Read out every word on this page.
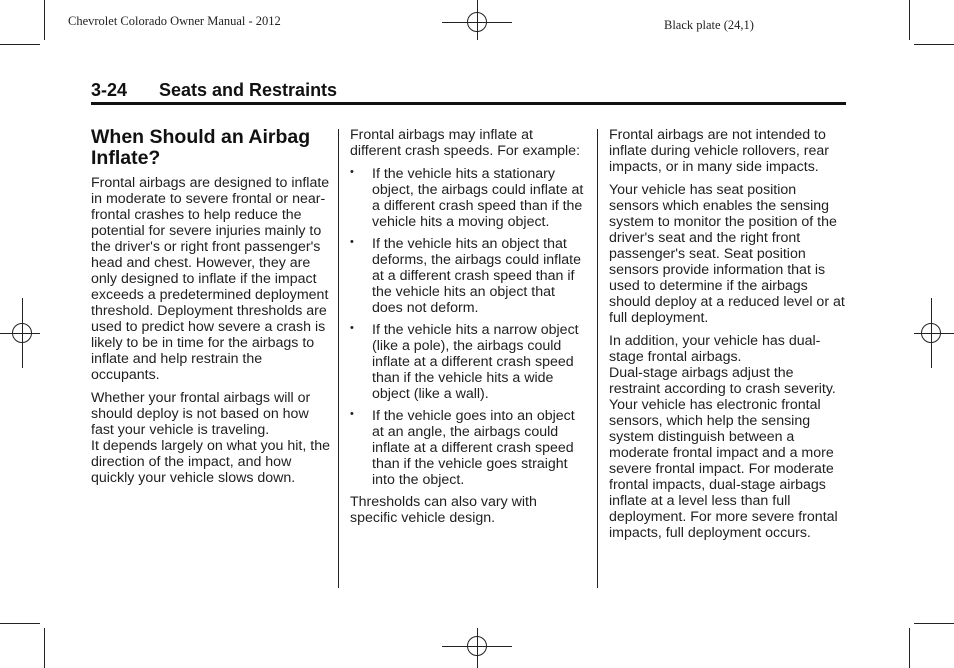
Chevrolet Colorado Owner Manual - 2012	Black plate (24,1)
3-24 Seats and Restraints
When Should an Airbag Inflate?

Frontal airbags are designed to inflate in moderate to severe frontal or near-frontal crashes to help reduce the potential for severe injuries mainly to the driver's or right front passenger's head and chest. However, they are only designed to inflate if the impact exceeds a predetermined deployment threshold. Deployment thresholds are used to predict how severe a crash is likely to be in time for the airbags to inflate and help restrain the occupants.

Whether your frontal airbags will or should deploy is not based on how fast your vehicle is traveling.

It depends largely on what you hit, the direction of the impact, and how quickly your vehicle slows down.

Frontal airbags may inflate at different crash speeds. For example:

• If the vehicle hits a stationary object, the airbags could inflate at a different crash speed than if the vehicle hits a moving object.
• If the vehicle hits an object that deforms, the airbags could inflate at a different crash speed than if the vehicle hits an object that does not deform.
• If the vehicle hits a narrow object (like a pole), the airbags could inflate at a different crash speed than if the vehicle hits a wide object (like a wall).
• If the vehicle goes into an object at an angle, the airbags could inflate at a different crash speed than if the vehicle goes straight into the object.

Thresholds can also vary with specific vehicle design.

Frontal airbags are not intended to inflate during vehicle rollovers, rear impacts, or in many side impacts.

Your vehicle has seat position sensors which enables the sensing system to monitor the position of the driver's seat and the right front passenger's seat. Seat position sensors provide information that is used to determine if the airbags should deploy at a reduced level or at full deployment.

In addition, your vehicle has dual-stage frontal airbags.

Dual-stage airbags adjust the restraint according to crash severity. Your vehicle has electronic frontal sensors, which help the sensing system distinguish between a moderate frontal impact and a more severe frontal impact. For moderate frontal impacts, dual-stage airbags inflate at a level less than full deployment. For more severe frontal impacts, full deployment occurs.
